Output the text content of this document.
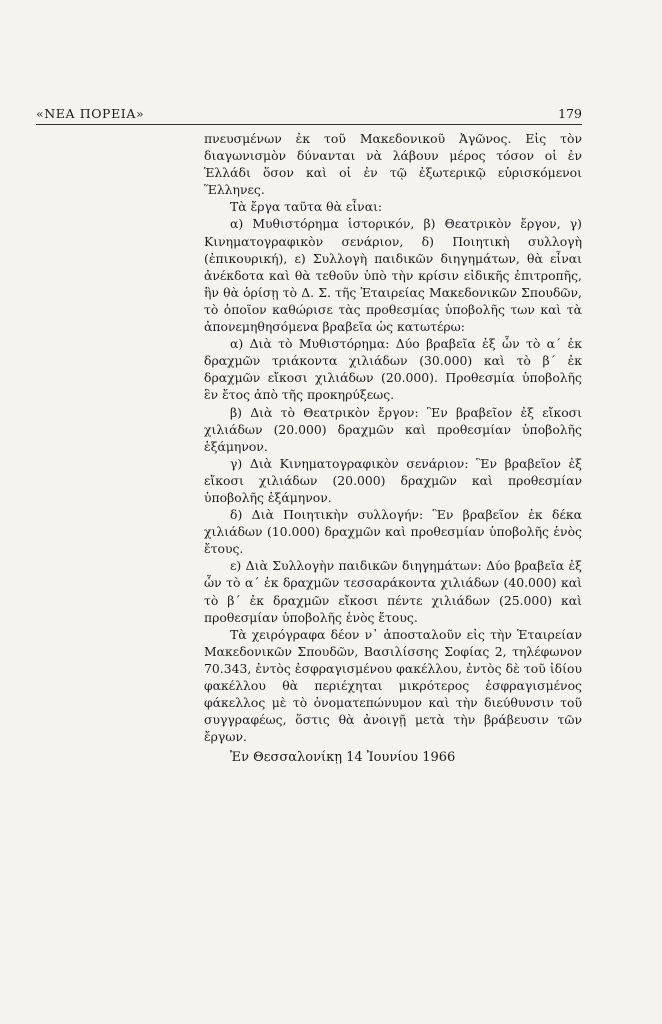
«ΝΕΑ ΠΟΡΕΙΑ»	179

πνευσμένων ἐκ τοῦ Μακεδονικοῦ Ἀγῶνος. Εἰς τὸν διαγωνισμὸν δύνανται νὰ λάβουν μέρος τόσον οἱ ἐν Ἑλλάδι ὅσον καὶ οἱ ἐν τῷ ἐξωτερικῷ εὑρισκόμενοι Ἕλληνες.

Τὰ ἔργα ταῦτα θὰ εἶναι:

α) Μυθιστόρημα ἱστορικόν, β) Θεατρικὸν ἔργον, γ) Κινηματογραφικὸν σενάριον, δ) Ποιητικὴ συλλογὴ (ἐπικουρική), ε) Συλλογὴ παιδικῶν διηγημάτων, θὰ εἶναι ἀνέκδοτα καὶ θὰ τεθοῦν ὑπὸ τὴν κρίσιν εἰδικῆς ἐπιτροπῆς, ἣν θὰ ὁρίσῃ τὸ Δ. Σ. τῆς Ἑταιρείας Μακεδονικῶν Σπουδῶν, τὸ ὁποῖον καθώρισε τὰς προθεσμίας ὑποβολῆς των καὶ τὰ ἀπονεμηθησόμενα βραβεῖα ὡς κατωτέρω:

α) Διὰ τὸ Μυθιστόρημα: Δύο βραβεῖα ἐξ ὧν τὸ α΄ ἐκ δραχμῶν τριάκοντα χιλιάδων (30.000) καὶ τὸ β΄ ἐκ δραχμῶν εἴκοσι χιλιάδων (20.000). Προθεσμία ὑποβολῆς ἓν ἔτος ἀπὸ τῆς προκηρύξεως.

β) Διὰ τὸ Θεατρικὸν ἔργον: Ἓν βραβεῖον ἐξ εἴκοσι χιλιάδων (20.000) δραχμῶν καὶ προθεσμίαν ὑποβολῆς ἑξάμηνον.

γ) Διὰ Κινηματογραφικὸν σενάριον: Ἓν βραβεῖον ἐξ εἴκοσι χιλιάδων (20.000) δραχμῶν καὶ προθεσμίαν ὑποβολῆς ἑξάμηνον.

δ) Διὰ Ποιητικὴν συλλογήν: Ἓν βραβεῖον ἐκ δέκα χιλιάδων (10.000) δραχμῶν καὶ προθεσμίαν ὑποβολῆς ἑνὸς ἔτους.

ε) Διὰ Συλλογὴν παιδικῶν διηγημάτων: Δύο βραβεῖα ἐξ ὧν τὸ α΄ ἐκ δραχμῶν τεσσαράκοντα χιλιάδων (40.000) καὶ τὸ β΄ ἐκ δραχμῶν εἴκοσι πέντε χιλιάδων (25.000) καὶ προθεσμίαν ὑποβολῆς ἑνὸς ἔτους.

Τὰ χειρόγραφα δέον ν᾽ ἀποσταλοῦν εἰς τὴν Ἑταιρείαν Μακεδονικῶν Σπουδῶν, Βασιλίσσης Σοφίας 2, τηλέφωνον 70.343, ἐντὸς ἐσφραγισμένου φακέλλου, ἐντὸς δὲ τοῦ ἰδίου φακέλλου θὰ περιέχηται μικρότερος ἐσφραγισμένος φάκελλος μὲ τὸ ὀνοματεπώνυμον καὶ τὴν διεύθυνσιν τοῦ συγγραφέως, ὅστις θὰ ἀνοιγῇ μετὰ τὴν βράβευσιν τῶν ἔργων.

Ἐν Θεσσαλονίκῃ 14 Ἰουνίου 1966
